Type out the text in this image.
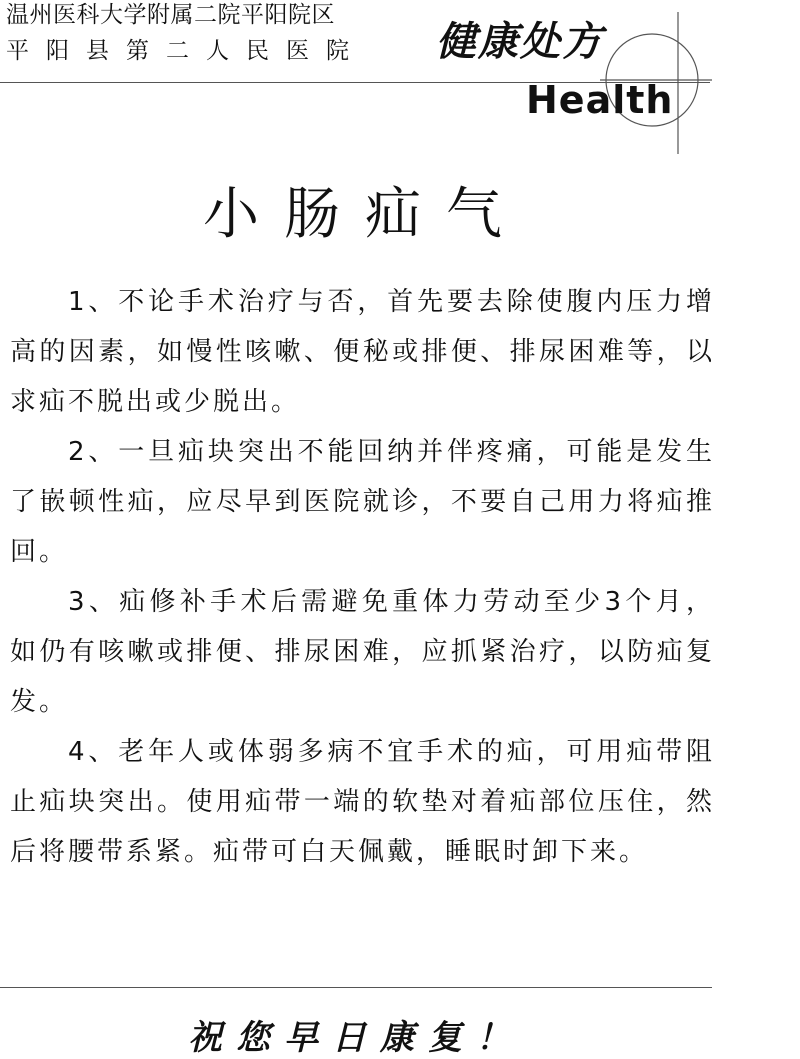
温州医科大学附属二院平阳院区
平阳县第二人民医院 健康处方
Health
小肠疝气

1、不论手术治疗与否，首先要去除使腹内压力增高的因素，如慢性咳嗽、便秘或排便、排尿困难等，以求疝不脱出或少脱出。

2、一旦疝块突出不能回纳并伴疼痛，可能是发生了嵌顿性疝，应尽早到医院就诊，不要自己用力将疝推回。

3、疝修补手术后需避免重体力劳动至少3个月，如仍有咳嗽或排便、排尿困难，应抓紧治疗，以防疝复发。

4、老年人或体弱多病不宜手术的疝，可用疝带阻止疝块突出。使用疝带一端的软垫对着疝部位压住，然后将腰带系紧。疝带可白天佩戴，睡眠时卸下来。

祝您早日康复！
